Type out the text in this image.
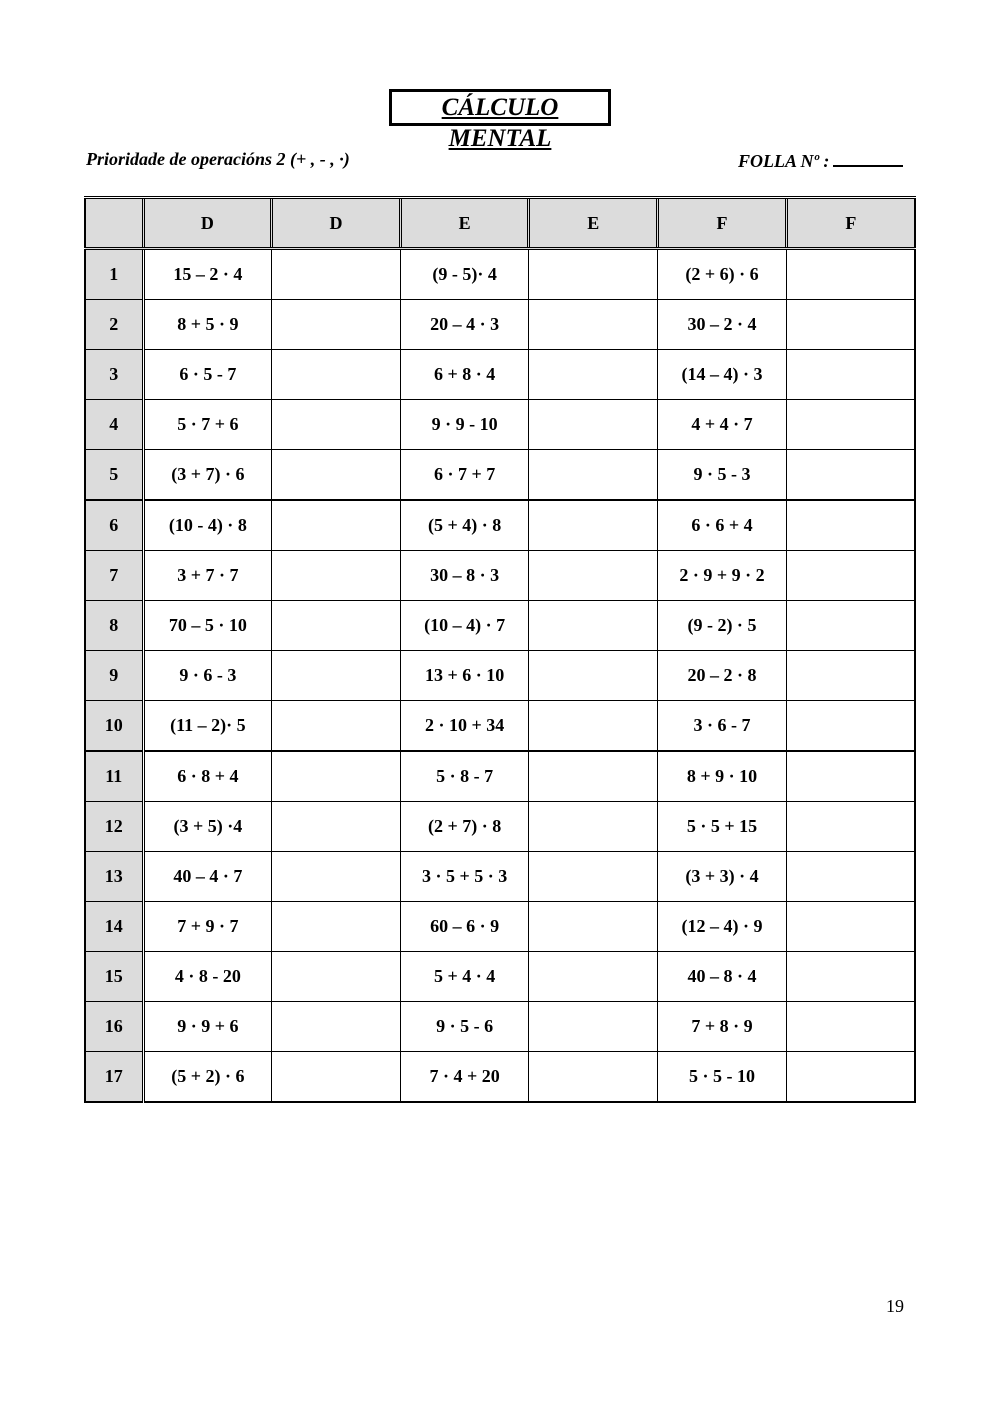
CÁLCULO MENTAL
Prioridade de operacións 2 (+ , - , ·)	FOLLA Nº :
	D	D	E	E	F	F
1	15 – 2 · 4		(9 - 5)· 4		(2 + 6) · 6	
2	8 + 5 · 9		20 – 4 · 3		30 – 2 · 4	
3	6 · 5 - 7		6 + 8 · 4		(14 – 4) · 3	
4	5 · 7 + 6		9 · 9 - 10		4 + 4 · 7	
5	(3 + 7) · 6		6 · 7 + 7		9 · 5 - 3	
6	(10 - 4) · 8		(5 + 4) · 8		6 · 6 + 4	
7	3 + 7 · 7		30 – 8 · 3		2 · 9 + 9 · 2	
8	70 – 5 · 10		(10 – 4) · 7		(9 - 2) · 5	
9	9 · 6 - 3		13 + 6 · 10		20 – 2 · 8	
10	(11 – 2)· 5		2 · 10 + 34		3 · 6 - 7	
11	6 · 8 + 4		5 · 8 - 7		8 + 9 · 10	
12	(3 + 5) ·4		(2 + 7) · 8		5 · 5 + 15	
13	40 – 4 · 7		3 · 5 + 5 · 3		(3 + 3) · 4	
14	7 + 9 · 7		60 – 6 · 9		(12 – 4) · 9	
15	4 · 8 - 20		5 + 4 · 4		40 – 8 · 4	
16	9 · 9 + 6		9 · 5 - 6		7 + 8 · 9	
17	(5 + 2) · 6		7 · 4 + 20		5 · 5 - 10	
19
